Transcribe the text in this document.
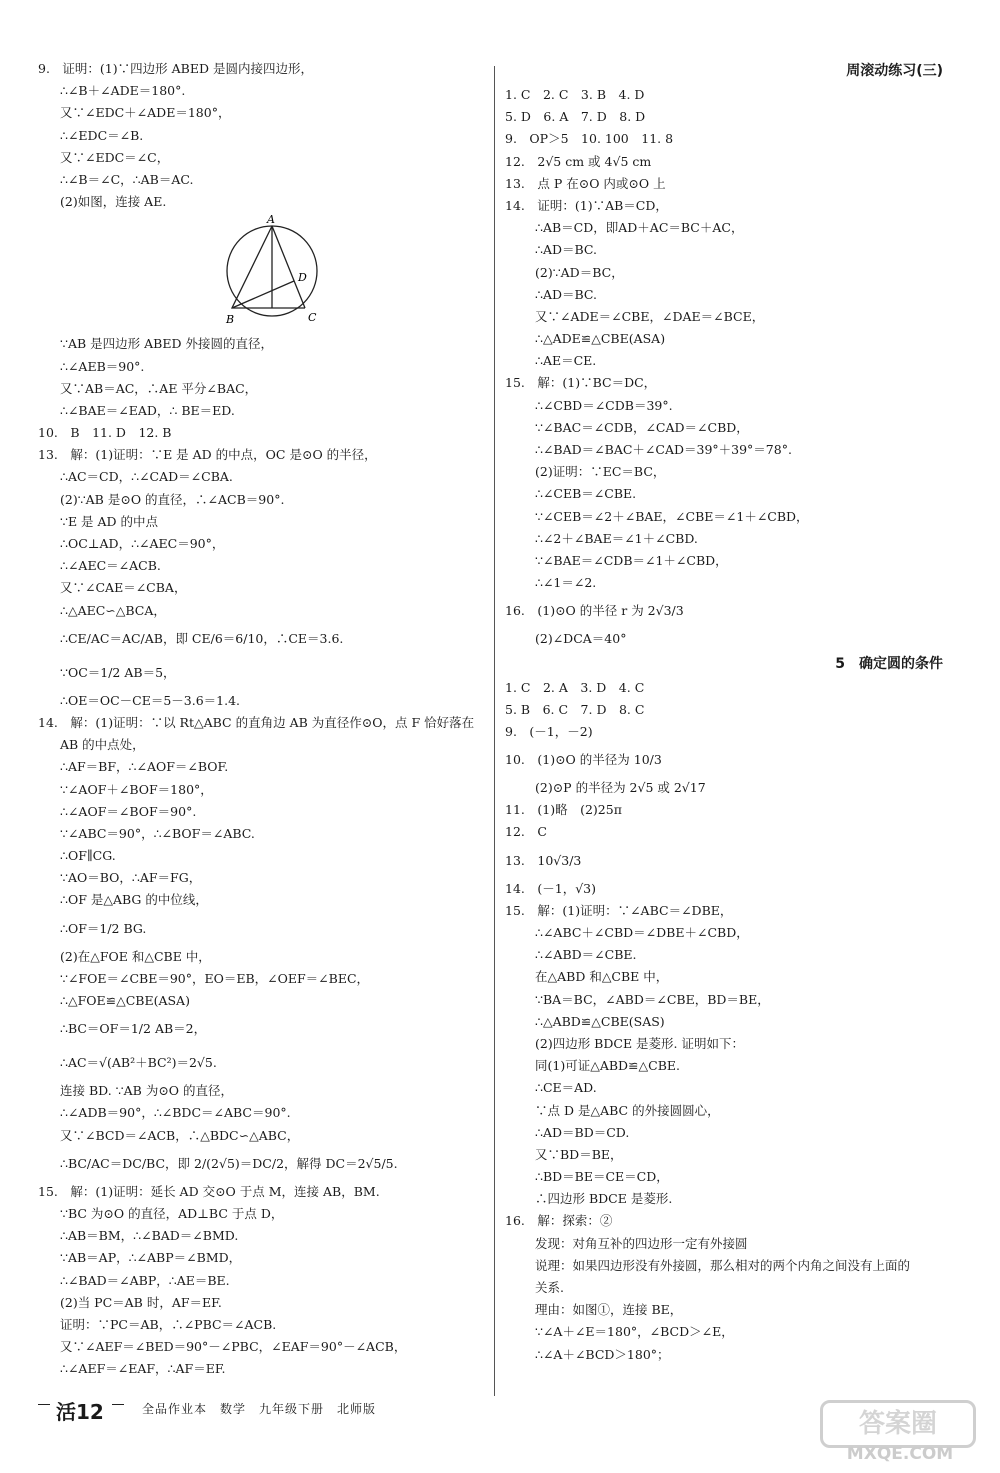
9.　证明：(1)∵四边形 ABED 是圆内接四边形，
∴∠B＋∠ADE＝180°.
又∵∠EDC＋∠ADE＝180°，
∴∠EDC＝∠B.
又∵∠EDC＝∠C，
∴∠B＝∠C，∴AB＝AC.
(2)如图，连接 AE.
A
D
C
B
∵AB 是四边形 ABED 外接圆的直径，
∴∠AEB＝90°.
又∵AB＝AC，∴AE 平分∠BAC，
∴∠BAE＝∠EAD，∴ BE＝ED.
10.　B　11. D　12. B
13.　解：(1)证明：∵E 是 AD 的中点，OC 是⊙O 的半径，
∴AC＝CD，∴∠CAD＝∠CBA.
(2)∵AB 是⊙O 的直径，∴∠ACB＝90°.
∵E 是 AD 的中点
∴OC⊥AD，∴∠AEC＝90°，
∴∠AEC＝∠ACB.
又∵∠CAE＝∠CBA，
∴△AEC∽△BCA，
∴CE/AC＝AC/AB，即 CE/6＝6/10，∴CE＝3.6.
∵OC＝1/2 AB＝5，
∴OE＝OC－CE＝5－3.6＝1.4.
14.　解：(1)证明：∵以 Rt△ABC 的直角边 AB 为直径作⊙O，点 F 恰好落在
AB 的中点处，
∴AF＝BF，∴∠AOF＝∠BOF.
∵∠AOF＋∠BOF＝180°，
∴∠AOF＝∠BOF＝90°.
∵∠ABC＝90°，∴∠BOF＝∠ABC.
∴OF∥CG.
∵AO＝BO，∴AF＝FG，
∴OF 是△ABG 的中位线，
∴OF＝1/2 BG.
(2)在△FOE 和△CBE 中，
∵∠FOE＝∠CBE＝90°，EO＝EB，∠OEF＝∠BEC，
∴△FOE≌△CBE(ASA)
∴BC＝OF＝1/2 AB＝2，
∴AC＝√(AB²＋BC²)＝2√5.
连接 BD. ∵AB 为⊙O 的直径，
∴∠ADB＝90°，∴∠BDC＝∠ABC＝90°.
又∵∠BCD＝∠ACB，∴△BDC∽△ABC，
∴BC/AC＝DC/BC，即 2/(2√5)＝DC/2，解得 DC＝2√5/5.
15.　解：(1)证明：延长 AD 交⊙O 于点 M，连接 AB，BM.
∵BC 为⊙O 的直径，AD⊥BC 于点 D，
∴AB＝BM，∴∠BAD＝∠BMD.
∵AB＝AP，∴∠ABP＝∠BMD，
∴∠BAD＝∠ABP，∴AE＝BE.
(2)当 PC＝AB 时，AF＝EF.
证明：∵PC＝AB，∴∠PBC＝∠ACB.
又∵∠AEF＝∠BED＝90°－∠PBC，∠EAF＝90°－∠ACB，
∴∠AEF＝∠EAF，∴AF＝EF.
周滚动练习(三)
1. C　2. C　3. B　4. D
5. D　6. A　7. D　8. D
9.　OP＞5　10. 100　11. 8
12.　2√5 cm 或 4√5 cm
13.　点 P 在⊙O 内或⊙O 上
14.　证明：(1)∵AB＝CD，
∴AB＝CD，即AD＋AC＝BC＋AC，
∴AD＝BC.
(2)∵AD＝BC，
∴AD＝BC.
又∵∠ADE＝∠CBE，∠DAE＝∠BCE，
∴△ADE≌△CBE(ASA)
∴AE＝CE.
15.　解：(1)∵BC＝DC，
∴∠CBD＝∠CDB＝39°.
∵∠BAC＝∠CDB，∠CAD＝∠CBD，
∴∠BAD＝∠BAC＋∠CAD＝39°＋39°＝78°.
(2)证明：∵EC＝BC，
∴∠CEB＝∠CBE.
∵∠CEB＝∠2＋∠BAE，∠CBE＝∠1＋∠CBD，
∴∠2＋∠BAE＝∠1＋∠CBD.
∵∠BAE＝∠CDB＝∠1＋∠CBD，
∴∠1＝∠2.
16.　(1)⊙O 的半径 r 为 2√3/3
(2)∠DCA＝40°
5　确定圆的条件
1. C　2. A　3. D　4. C
5. B　6. C　7. D　8. C
9.　(－1，－2)
10.　(1)⊙O 的半径为 10/3
(2)⊙P 的半径为 2√5 或 2√17
11.　(1)略　(2)25π
12.　C
13.　10√3/3
14.　(－1，√3)
15.　解：(1)证明：∵∠ABC＝∠DBE，
∴∠ABC＋∠CBD＝∠DBE＋∠CBD，
∴∠ABD＝∠CBE.
在△ABD 和△CBE 中，
∵BA＝BC，∠ABD＝∠CBE，BD＝BE，
∴△ABD≌△CBE(SAS)
(2)四边形 BDCE 是菱形. 证明如下：
同(1)可证△ABD≌△CBE.
∴CE＝AD.
∵点 D 是△ABC 的外接圆圆心，
∴AD＝BD＝CD.
又∵BD＝BE，
∴BD＝BE＝CE＝CD，
∴四边形 BDCE 是菱形.
16.　解：探索：②
发现：对角互补的四边形一定有外接圆
说理：如果四边形没有外接圆，那么相对的两个内角之间没有上面的
关系.
理由：如图①，连接 BE，
∵∠A＋∠E＝180°，∠BCD＞∠E，
∴∠A＋∠BCD＞180°；
活12	全品作业本　数学　九年级下册　北师版	答案圈
MXQE.COM
